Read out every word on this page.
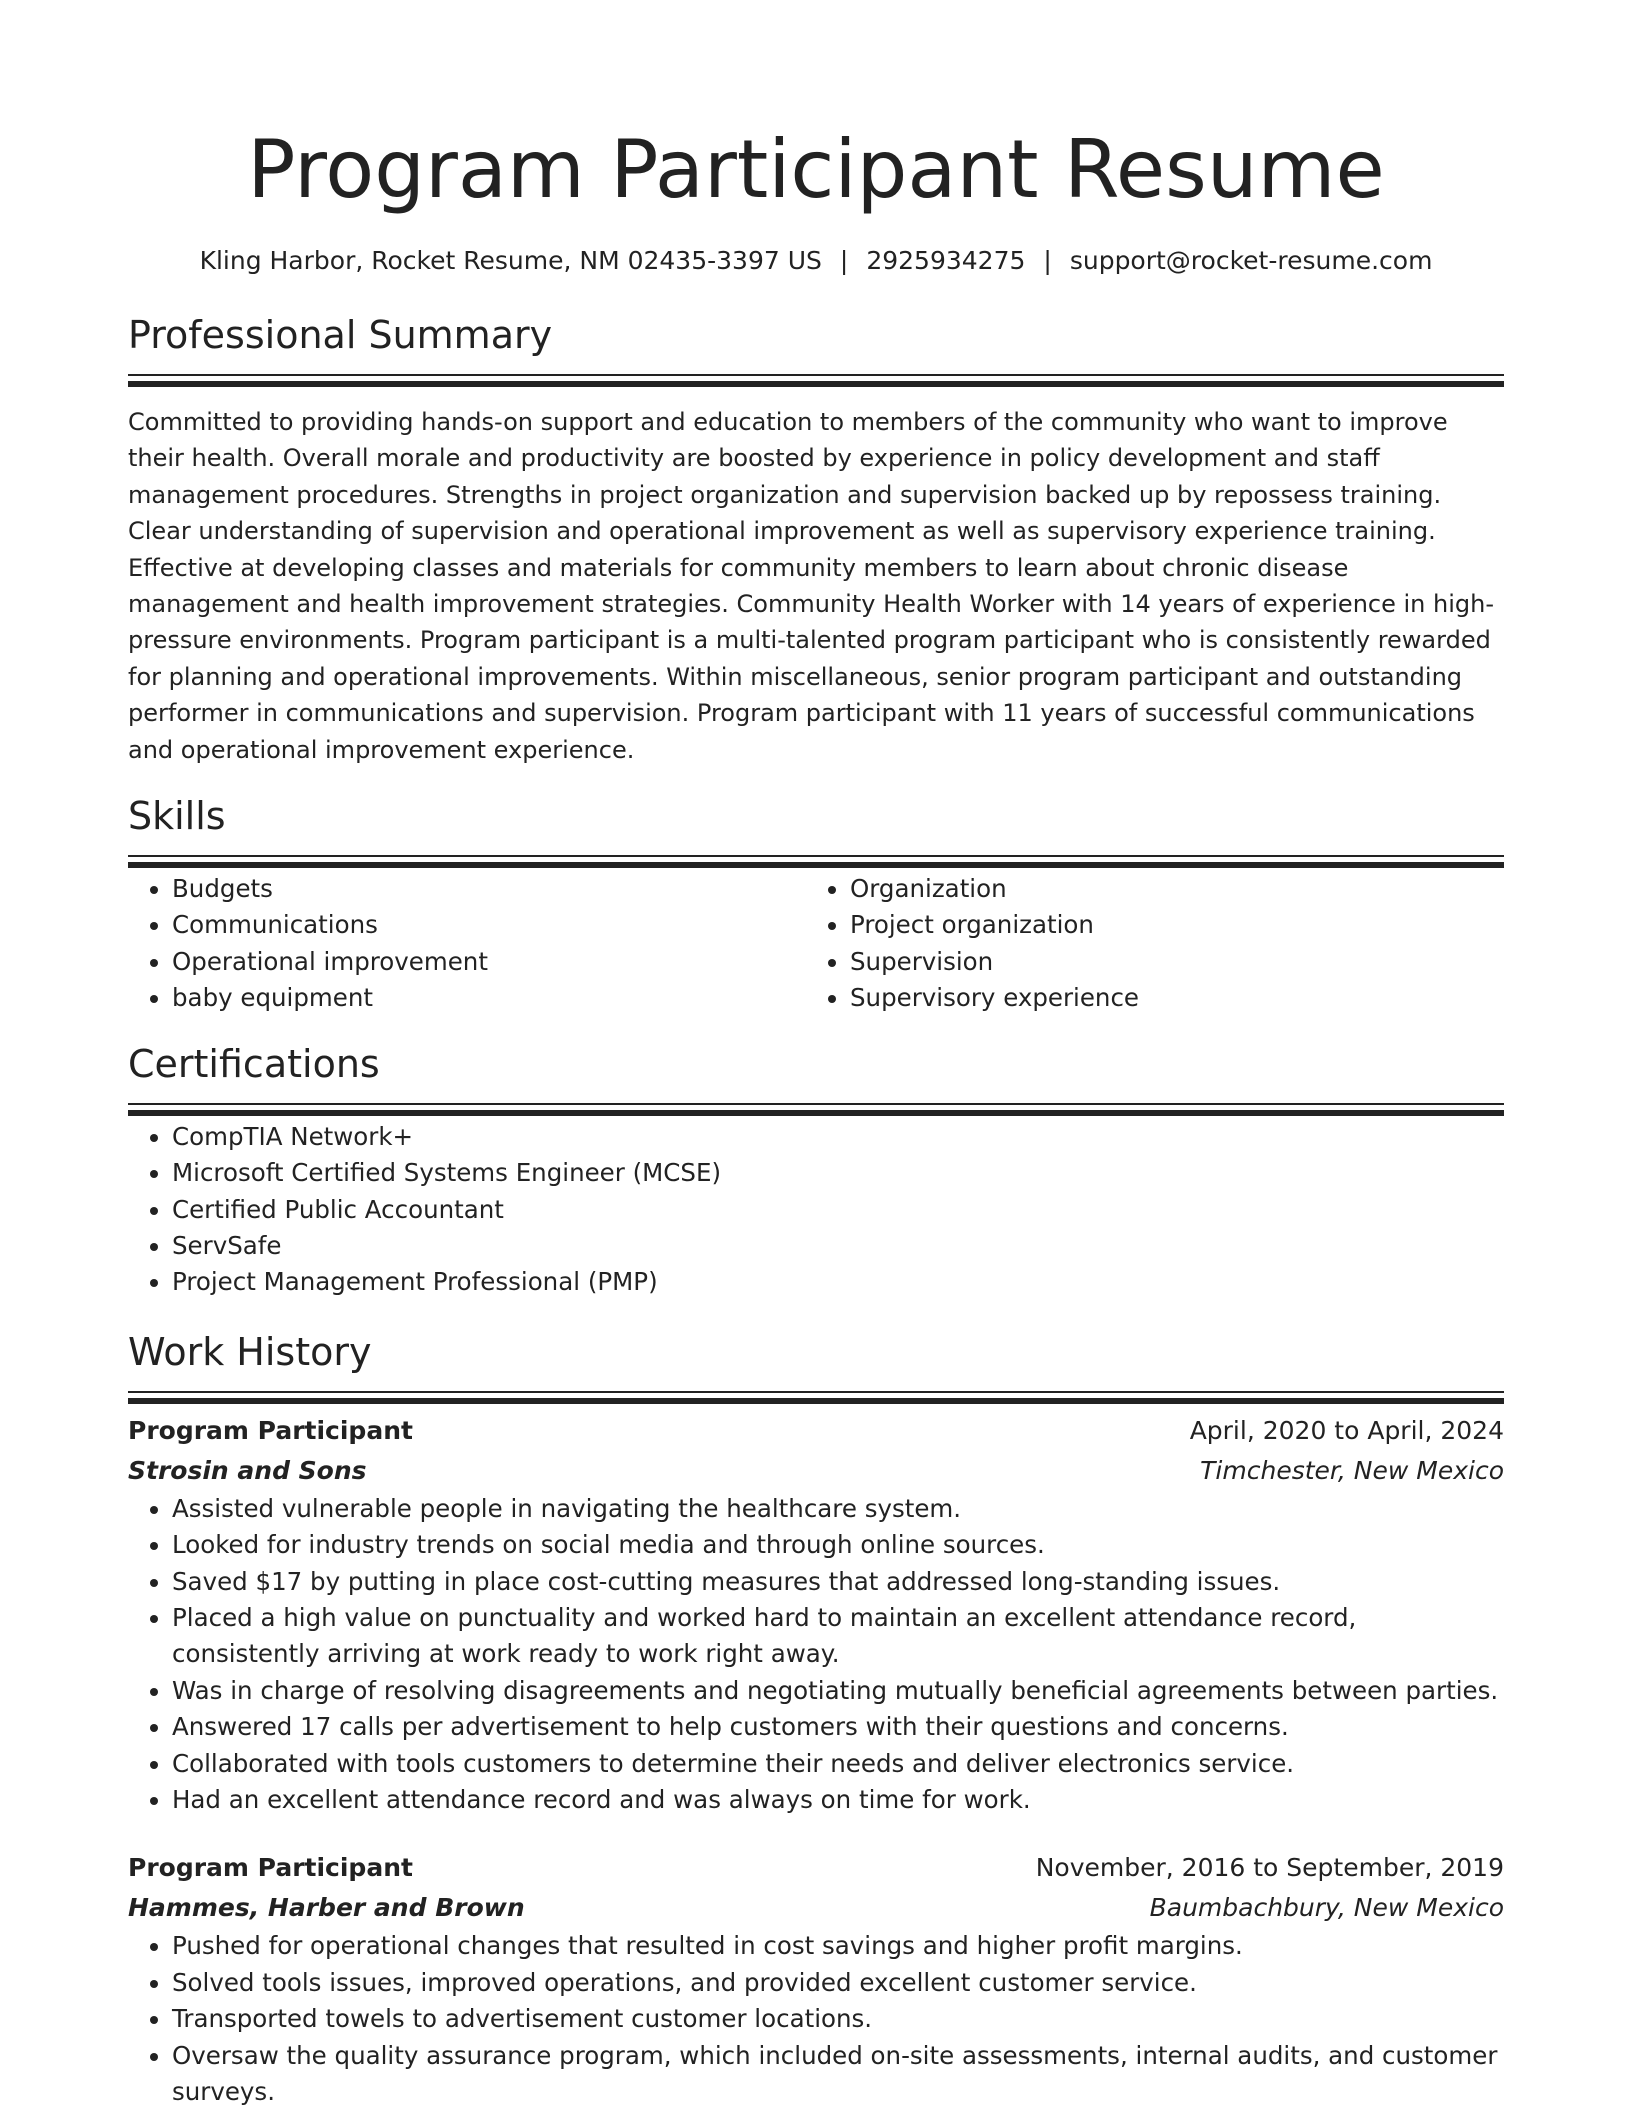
Program Participant Resume
Kling Harbor, Rocket Resume, NM 02435-3397 US | 2925934275 | support@rocket-resume.com
Professional Summary
Committed to providing hands-on support and education to members of the community who want to improve their health. Overall morale and productivity are boosted by experience in policy development and staff management procedures. Strengths in project organization and supervision backed up by repossess training. Clear understanding of supervision and operational improvement as well as supervisory experience training. Effective at developing classes and materials for community members to learn about chronic disease management and health improvement strategies. Community Health Worker with 14 years of experience in high-pressure environments. Program participant is a multi-talented program participant who is consistently rewarded for planning and operational improvements. Within miscellaneous, senior program participant and outstanding performer in communications and supervision. Program participant with 11 years of successful communications and operational improvement experience.
Skills
• Budgets
• Communications
• Operational improvement
• baby equipment
• Organization
• Project organization
• Supervision
• Supervisory experience
Certifications
• CompTIA Network+
• Microsoft Certified Systems Engineer (MCSE)
• Certified Public Accountant
• ServSafe
• Project Management Professional (PMP)
Work History
Program Participant	April, 2020 to April, 2024
Strosin and Sons	Timchester, New Mexico
• Assisted vulnerable people in navigating the healthcare system.
• Looked for industry trends on social media and through online sources.
• Saved $17 by putting in place cost-cutting measures that addressed long-standing issues.
• Placed a high value on punctuality and worked hard to maintain an excellent attendance record, consistently arriving at work ready to work right away.
• Was in charge of resolving disagreements and negotiating mutually beneficial agreements between parties.
• Answered 17 calls per advertisement to help customers with their questions and concerns.
• Collaborated with tools customers to determine their needs and deliver electronics service.
• Had an excellent attendance record and was always on time for work.
Program Participant	November, 2016 to September, 2019
Hammes, Harber and Brown	Baumbachbury, New Mexico
• Pushed for operational changes that resulted in cost savings and higher profit margins.
• Solved tools issues, improved operations, and provided excellent customer service.
• Transported towels to advertisement customer locations.
• Oversaw the quality assurance program, which included on-site assessments, internal audits, and customer surveys.
